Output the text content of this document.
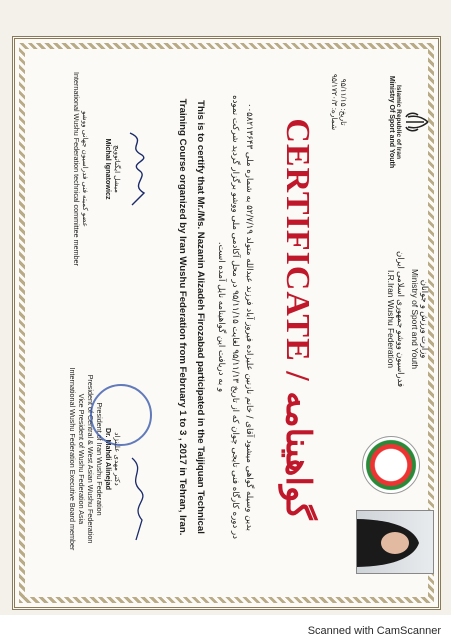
Islamic Republic of Iran
Ministry Of Sport and Youth
وزارت ورزش و جوانان
Ministry of Sport and Youth
فدراسیون ووشو جمهوری اسلامی ایران
I.R.Iran Wushu Federation
تاریخ: ۹۵/۱۱/۱۵
شماره: ۹۵/۱۷۲۰/۳
CERTIFICATE / گواهینامه
بدین وسیله گواهی میشود آقای / خانم نازنین علیزاده فیروز آباد فرزند عبدالله متولد ۵۲/۷/۱۹ به شماره ملی ۰۰۵۸۲۱۳۶۴۳
در دوره کارگاه فنی تایجی چوان که از تاریخ ۹۵/۱۱/۱۳ لغایت ۹۵/۱۱/۱۵ در محل آکادمی ملی ووشو برگزار گردید شرکت نموده
و به دریافت این گواهینامه نایل آمده است.
This is to certify that Mr./Ms. Nazanin Alizadeh Firozabad participated in the Taijiquan Technical
Training Course organized by Iran Wushu Federation from February 1 to 3 , 2017 in Tehran, Iran.
میشل ایگناتوویچ
Michal Ignatowicz
عضو کمیته فنی فدراسیون جهانی ووشو
International Wushu Federation technical committee member
دکتر مهدی علینژاد
Dr. Mahdi Alinejad
President of Iran Wushu Federation
President of Central & West Asian Wushu Federation
Vice President of Wushu Federation Asia
International Wushu Federation Executive Board member
Scanned with CamScanner
